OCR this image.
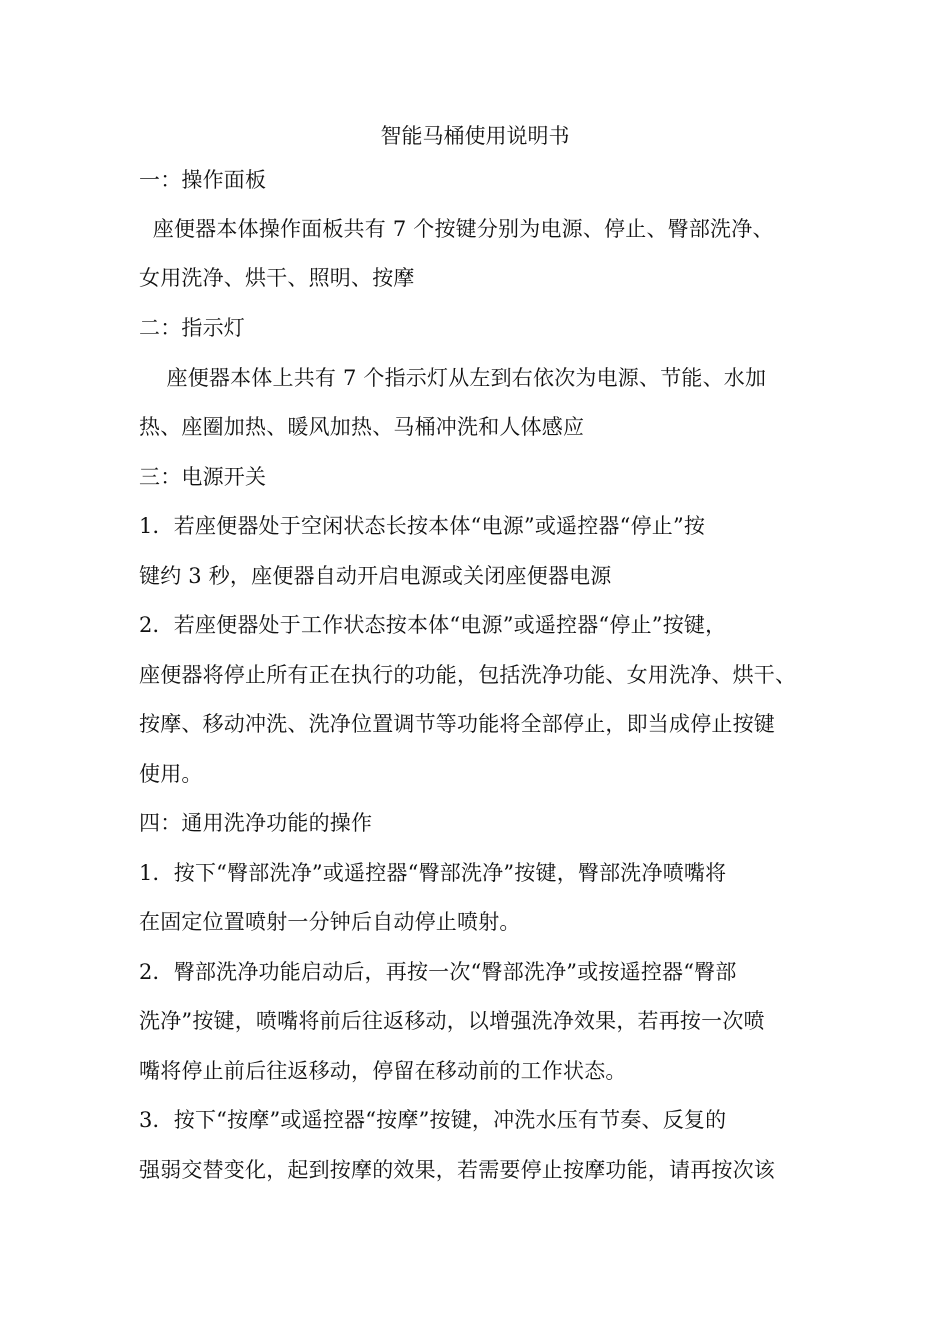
智能马桶使用说明书
一：操作面板
座便器本体操作面板共有 7 个按键分别为电源、停止、臀部洗净、
女用洗净、烘干、照明、按摩
二：指示灯
座便器本体上共有 7 个指示灯从左到右依次为电源、节能、水加
热、座圈加热、暖风加热、马桶冲洗和人体感应
三：电源开关
1．若座便器处于空闲状态长按本体“电源”或遥控器“停止”按
键约 3 秒，座便器自动开启电源或关闭座便器电源
2．若座便器处于工作状态按本体“电源”或遥控器“停止”按键，
座便器将停止所有正在执行的功能，包括洗净功能、女用洗净、烘干、
按摩、移动冲洗、洗净位置调节等功能将全部停止，即当成停止按键
使用。
四：通用洗净功能的操作
1．按下“臀部洗净”或遥控器“臀部洗净”按键，臀部洗净喷嘴将
在固定位置喷射一分钟后自动停止喷射。
2．臀部洗净功能启动后，再按一次“臀部洗净”或按遥控器“臀部
洗净”按键，喷嘴将前后往返移动，以增强洗净效果，若再按一次喷
嘴将停止前后往返移动，停留在移动前的工作状态。
3．按下“按摩”或遥控器“按摩”按键，冲洗水压有节奏、反复的
强弱交替变化，起到按摩的效果，若需要停止按摩功能，请再按次该
